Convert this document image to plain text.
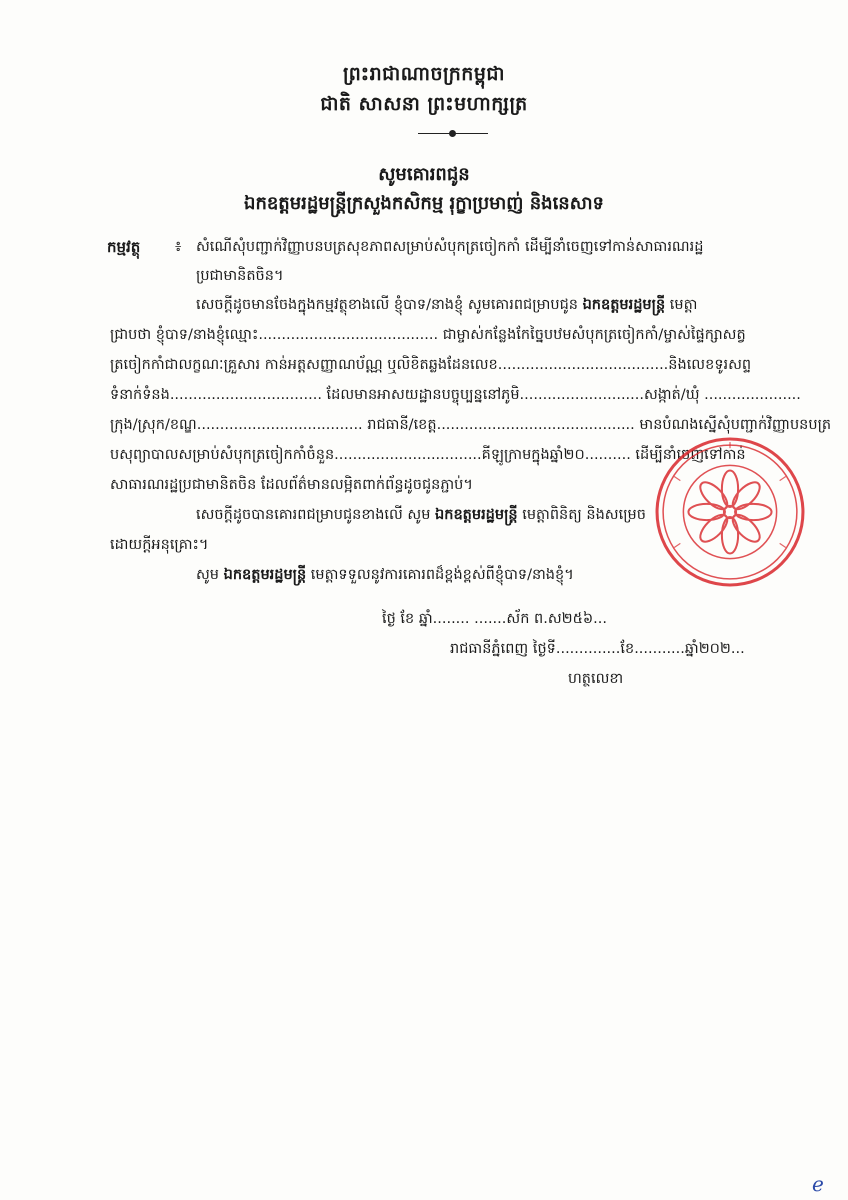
ព្រះរាជាណាចក្រកម្ពុជា
ជាតិ សាសនា ព្រះមហាក្សត្រ
សូមគោរពជូន
ឯកឧត្តមរដ្ឋមន្ត្រីក្រសួងកសិកម្ម រុក្ខាប្រមាញ់ និងនេសាទ
កម្មវត្ថុ ៖ សំណើសុំបញ្ជាក់វិញ្ញាបនបត្រសុខភាពសម្រាប់សំបុកត្រចៀកកាំ ដើម្បីនាំចេញទៅកាន់សាធារណរដ្ឋ
ប្រជាមានិតចិន។
សេចក្តីដូចមានចែងក្នុងកម្មវត្ថុខាងលើ ខ្ញុំបាទ/នាងខ្ញុំ សូមគោរពជម្រាបជូន ឯកឧត្តមរដ្ឋមន្ត្រី មេត្តា
ជ្រាបថា ខ្ញុំបាទ/នាងខ្ញុំឈ្មោះ....................................... ជាម្ចាស់កន្លែងកែច្នៃបឋមសំបុកត្រចៀកកាំ/ម្ចាស់ផ្ទៃក្សាសត្វ
ត្រចៀកកាំជាលក្ខណៈគ្រួសារ កាន់អត្តសញ្ញាណប័ណ្ណ ឬលិខិតឆ្លងដែនលេខ.....................................និងលេខទូរសព្ទ
ទំនាក់ទំនង................................. ដែលមានអាសយដ្ឋានបច្ចុប្បន្ននៅភូមិ...........................សង្កាត់/ឃុំ .....................
ក្រុង/ស្រុក/ខណ្ឌ.................................... រាជធានី/ខេត្ត........................................... មានបំណងស្នើសុំបញ្ជាក់វិញ្ញាបនបត្រ
បសុព្យាបាលសម្រាប់សំបុកត្រចៀកកាំចំនួន................................គីឡូក្រាមក្នុងឆ្នាំ២០.......... ដើម្បីនាំចេញទៅកាន់
សាធារណរដ្ឋប្រជាមានិតចិន ដែលព័ត៌មានលម្អិតពាក់ព័ន្ធដូចជូនភ្ជាប់។
សេចក្តីដូចបានគោរពជម្រាបជូនខាងលើ សូម ឯកឧត្តមរដ្ឋមន្ត្រី មេត្តាពិនិត្យ និងសម្រេច
ដោយក្តីអនុគ្រោះ។
សូម ឯកឧត្តមរដ្ឋមន្ត្រី មេត្តាទទួលនូវការគោរពដ៏ខ្ពង់ខ្ពស់ពីខ្ញុំបាទ/នាងខ្ញុំ។
ថ្ងៃ ខែ ឆ្នាំ........ .......ស័ក ព.ស២៥៦...
រាជធានីភ្នំពេញ ថ្ងៃទី..............ខែ...........ឆ្នាំ២០២...
ហត្ថលេខា
ℯ
